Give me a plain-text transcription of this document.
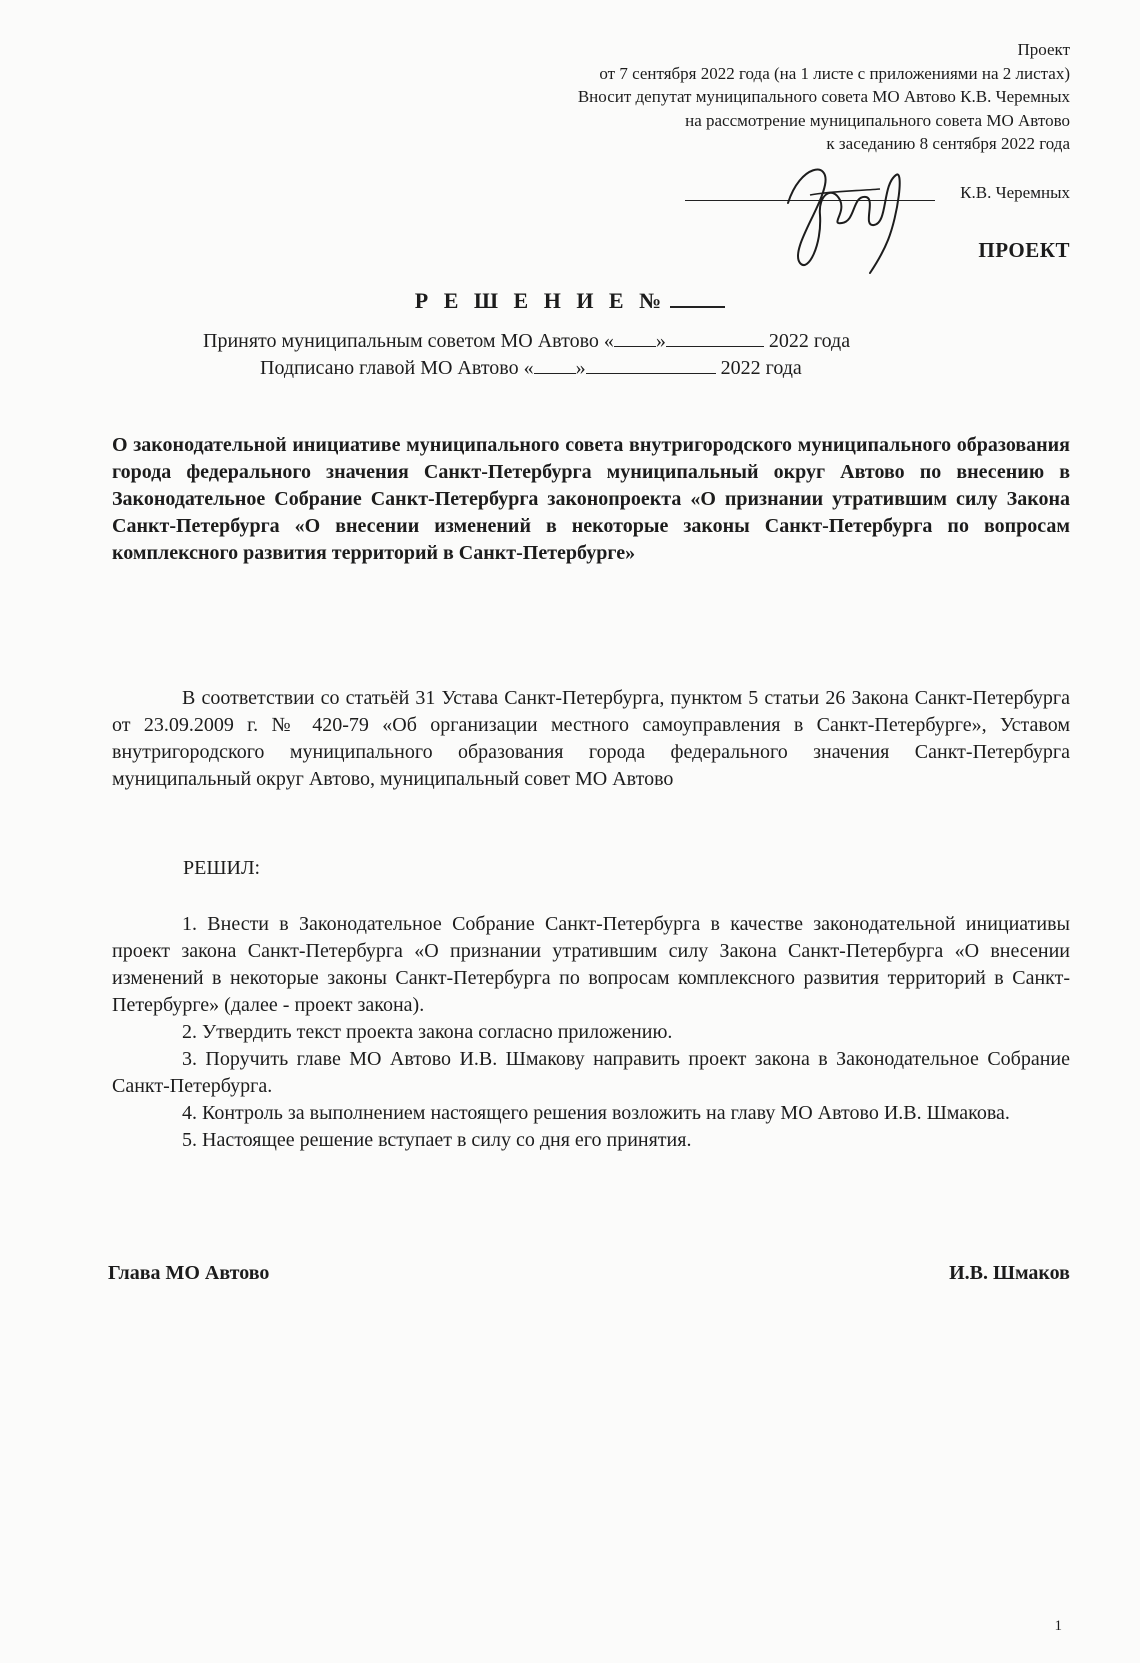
Проект
от 7 сентября 2022 года (на 1 листе с приложениями на 2 листах)
Вносит депутат муниципального совета МО Автово К.В. Черемных
на рассмотрение муниципального совета МО Автово
к заседанию 8 сентября 2022 года
К.В. Черемных
ПРОЕКТ
Р Е Ш Е Н И Е №
Принято муниципальным советом МО Автово « »	2022 года
Подписано главой МО Автово « »	2022 года
О законодательной инициативе муниципального совета внутригородского муниципального образования города федерального значения Санкт-Петербурга муниципальный округ Автово по внесению в Законодательное Собрание Санкт-Петербурга законопроекта «О признании утратившим силу Закона Санкт-Петербурга «О внесении изменений в некоторые законы Санкт-Петербурга по вопросам комплексного развития территорий в Санкт-Петербурге»

В соответствии со статьёй 31 Устава Санкт-Петербурга, пунктом 5 статьи 26 Закона Санкт-Петербурга от 23.09.2009 г. № 420-79 «Об организации местного самоуправления в Санкт-Петербурге», Уставом внутригородского муниципального образования города федерального значения Санкт-Петербурга муниципальный округ Автово, муниципальный совет МО Автово

РЕШИЛ:

1. Внести в Законодательное Собрание Санкт-Петербурга в качестве законодательной инициативы проект закона Санкт-Петербурга «О признании утратившим силу Закона Санкт-Петербурга «О внесении изменений в некоторые законы Санкт-Петербурга по вопросам комплексного развития территорий в Санкт-Петербурге» (далее - проект закона).

2. Утвердить текст проекта закона согласно приложению.

3. Поручить главе МО Автово И.В. Шмакову направить проект закона в Законодательное Собрание Санкт-Петербурга.

4. Контроль за выполнением настоящего решения возложить на главу МО Автово И.В. Шмакова.

5. Настоящее решение вступает в силу со дня его принятия.

Глава МО Автово	И.В. Шмаков
1
